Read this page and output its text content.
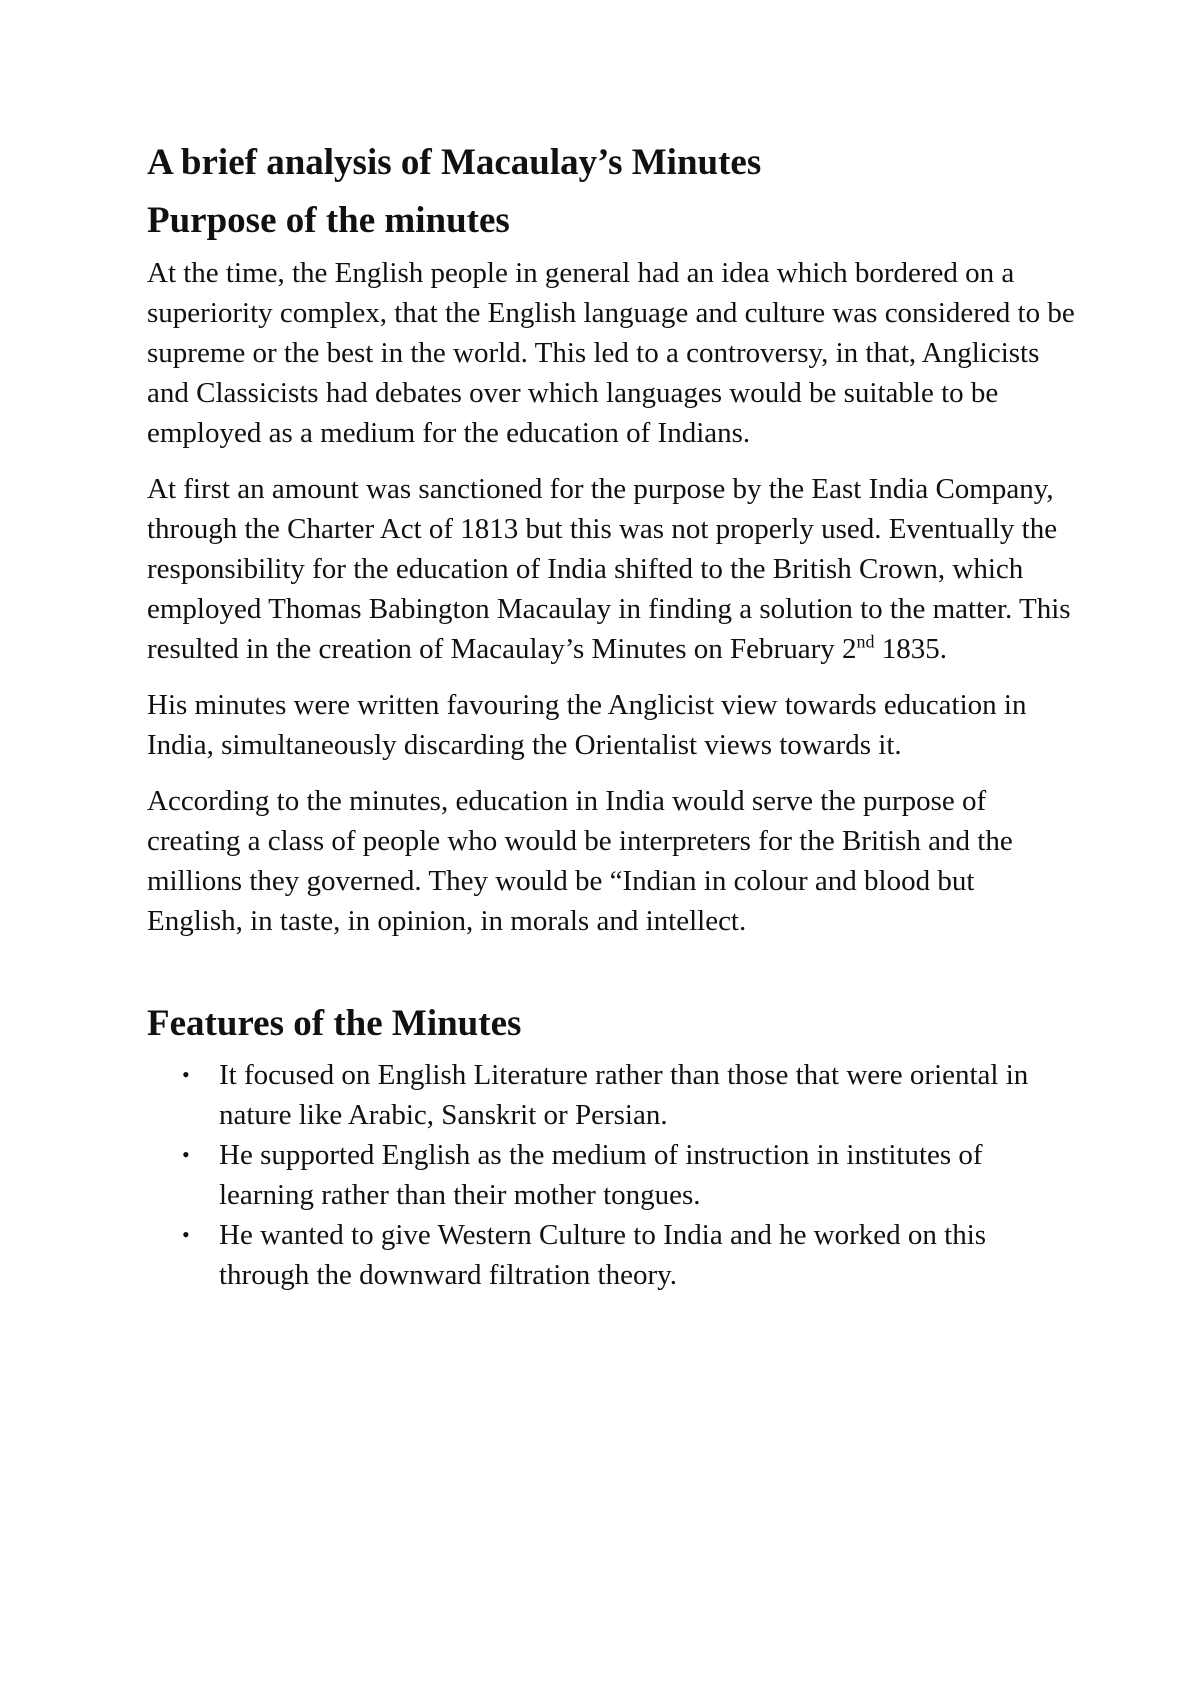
A brief analysis of Macaulay’s Minutes
Purpose of the minutes

At the time, the English people in general had an idea which bordered on a superiority complex, that the English language and culture was considered to be supreme or the best in the world. This led to a controversy, in that, Anglicists and Classicists had debates over which languages would be suitable to be employed as a medium for the education of Indians.

At first an amount was sanctioned for the purpose by the East India Company, through the Charter Act of 1813 but this was not properly used. Eventually the responsibility for the education of India shifted to the British Crown, which employed Thomas Babington Macaulay in finding a solution to the matter. This resulted in the creation of Macaulay’s Minutes on February 2nd 1835.

His minutes were written favouring the Anglicist view towards education in India, simultaneously discarding the Orientalist views towards it.

According to the minutes, education in India would serve the purpose of creating a class of people who would be interpreters for the British and the millions they governed. They would be “Indian in colour and blood but English, in taste, in opinion, in morals and intellect.

Features of the Minutes
• It focused on English Literature rather than those that were oriental in nature like Arabic, Sanskrit or Persian.
• He supported English as the medium of instruction in institutes of learning rather than their mother tongues.
• He wanted to give Western Culture to India and he worked on this through the downward filtration theory.
